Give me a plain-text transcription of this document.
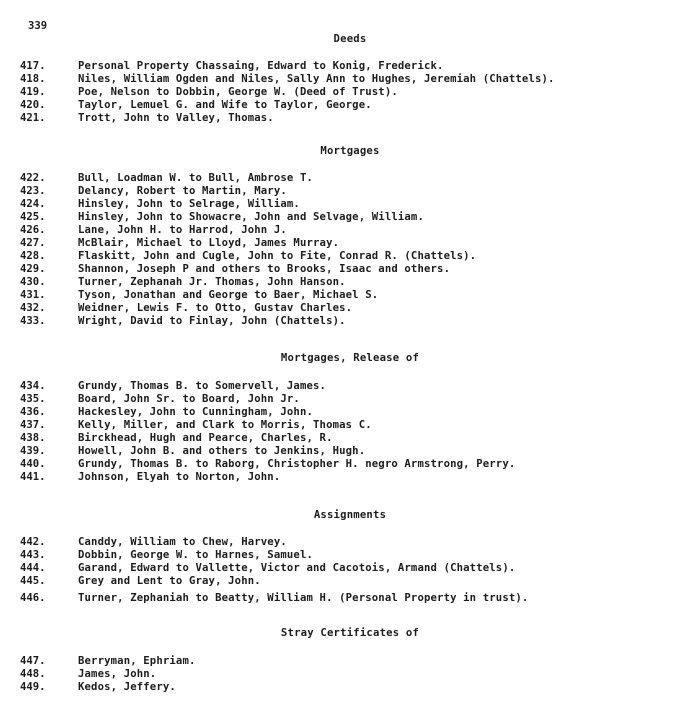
339
Deeds
417.	Personal Property Chassaing, Edward to Konig, Frederick.
418.	Niles, William Ogden and Niles, Sally Ann to Hughes, Jeremiah (Chattels).
419.	Poe, Nelson to Dobbin, George W. (Deed of Trust).
420.	Taylor, Lemuel G. and Wife to Taylor, George.
421.	Trott, John to Valley, Thomas.
Mortgages
422.	Bull, Loadman W. to Bull, Ambrose T.
423.	Delancy, Robert to Martin, Mary.
424.	Hinsley, John to Selrage, William.
425.	Hinsley, John to Showacre, John and Selvage, William.
426.	Lane, John H. to Harrod, John J.
427.	McBlair, Michael to Lloyd, James Murray.
428.	Flaskitt, John and Cugle, John to Fite, Conrad R. (Chattels).
429.	Shannon, Joseph P and others to Brooks, Isaac and others.
430.	Turner, Zephanah Jr. Thomas, John Hanson.
431.	Tyson, Jonathan and George to Baer, Michael S.
432.	Weidner, Lewis F. to Otto, Gustav Charles.
433.	Wright, David to Finlay, John (Chattels).
Mortgages, Release of
434.	Grundy, Thomas B. to Somervell, James.
435.	Board, John Sr. to Board, John Jr.
436.	Hackesley, John to Cunningham, John.
437.	Kelly, Miller, and Clark to Morris, Thomas C.
438.	Birckhead, Hugh and Pearce, Charles, R.
439.	Howell, John B. and others to Jenkins, Hugh.
440.	Grundy, Thomas B. to Raborg, Christopher H. negro Armstrong, Perry.
441.	Johnson, Elyah to Norton, John.
Assignments
442.	Canddy, William to Chew, Harvey.
443.	Dobbin, George W. to Harnes, Samuel.
444.	Garand, Edward to Vallette, Victor and Cacotois, Armand (Chattels).
445.	Grey and Lent to Gray, John.
446.	Turner, Zephaniah to Beatty, William H. (Personal Property in trust).
Stray Certificates of
447.	Berryman, Ephriam.
448.	James, John.
449.	Kedos, Jeffery.
